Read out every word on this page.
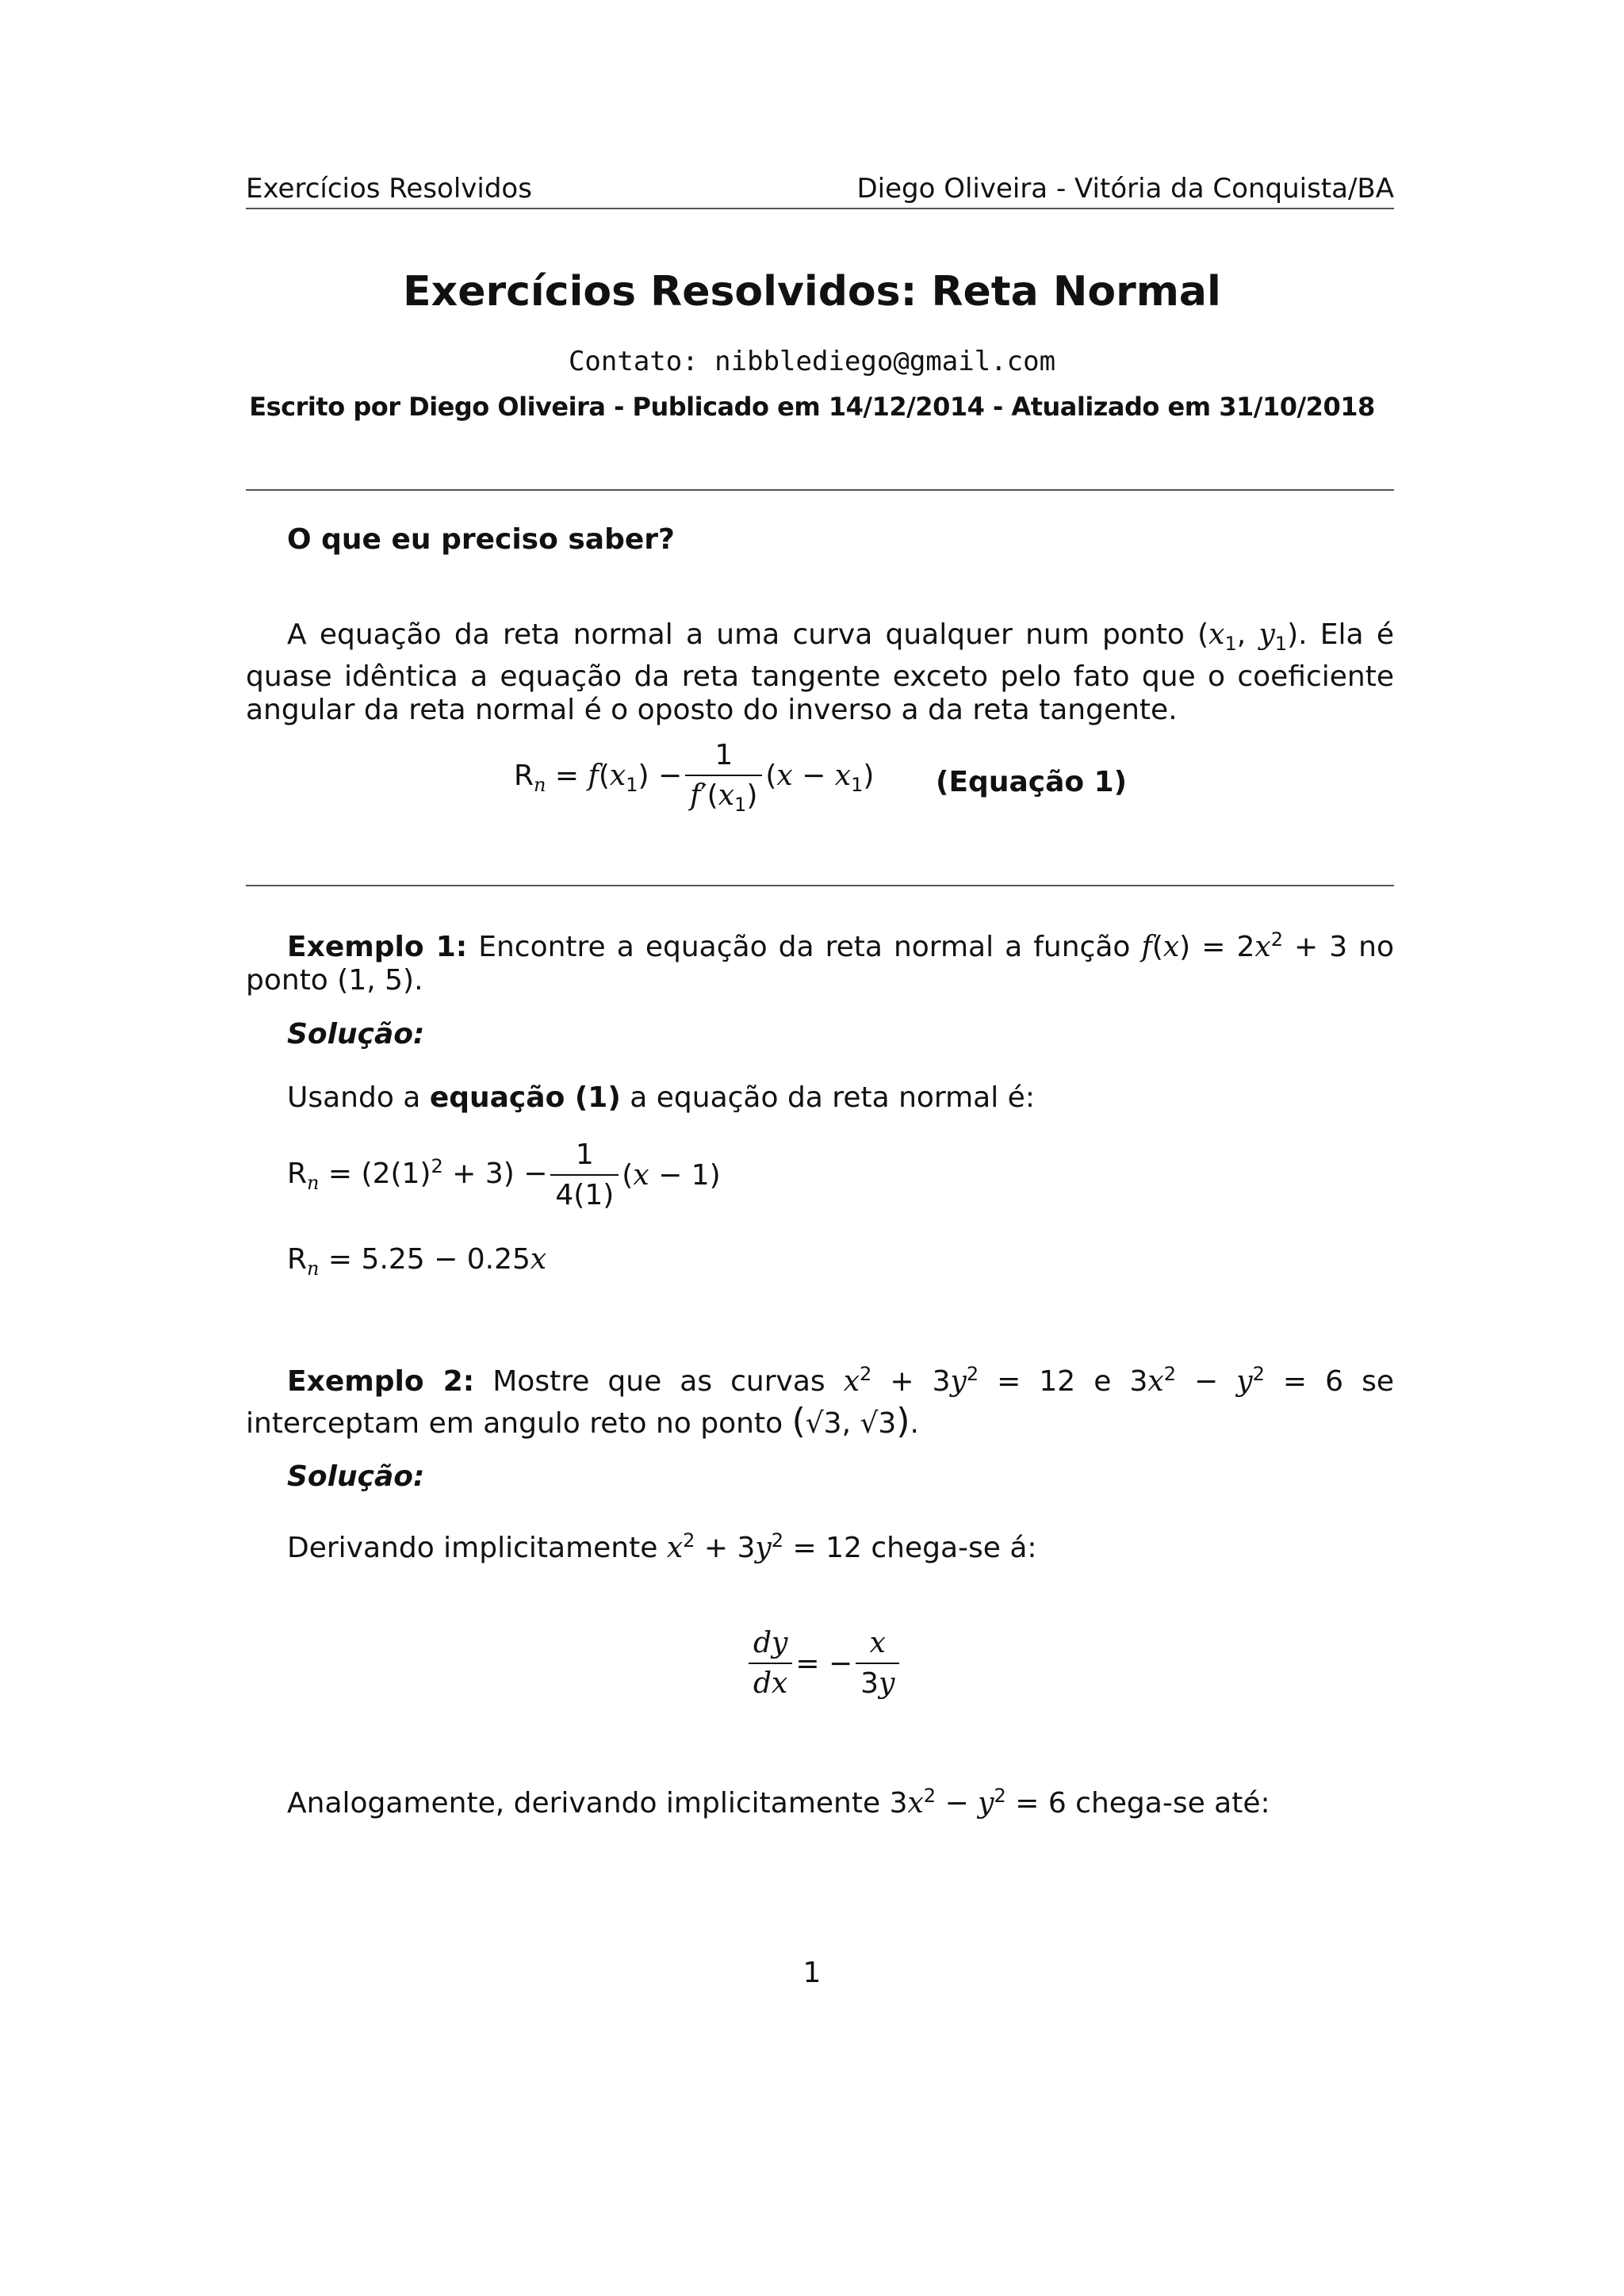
Exercícios Resolvidos	Diego Oliveira - Vitória da Conquista/BA
Exercícios Resolvidos: Reta Normal
Contato: nibblediego@gmail.com
Escrito por Diego Oliveira - Publicado em 14/12/2014 - Atualizado em 31/10/2018
O que eu preciso saber?
A equação da reta normal a uma curva qualquer num ponto ($x_1$, $y_1$). Ela é quase idêntica a equação da reta tangente exceto pelo fato que o coeficiente angular da reta normal é o oposto do inverso a da reta tangente.
$R_n = f(x_1) - \frac{1}{f'(x_1)} (x - x_1)$ (Equação 1)
Exemplo 1: Encontre a equação da reta normal a função $f(x) = 2x^2 + 3$ no ponto (1, 5).
Solução:
Usando a equação (1) a equação da reta normal é:
$R_n = (2(1)^2 + 3) - \frac{1}{4(1)} (x - 1)$
$R_n = 5.25 - 0.25x$
Exemplo 2: Mostre que as curvas $x^2 + 3y^2 = 12$ e $3x^2 - y^2 = 6$ se interceptam em angulo reto no ponto (√3, √3).
Solução:
Derivando implicitamente $x^2 + 3y^2 = 12$ chega-se á:
$\frac{dy}{dx}$ = − $\frac{x}{3y}$
Analogamente, derivando implicitamente $3x^2 - y^2 = 6$ chega-se até:
1
